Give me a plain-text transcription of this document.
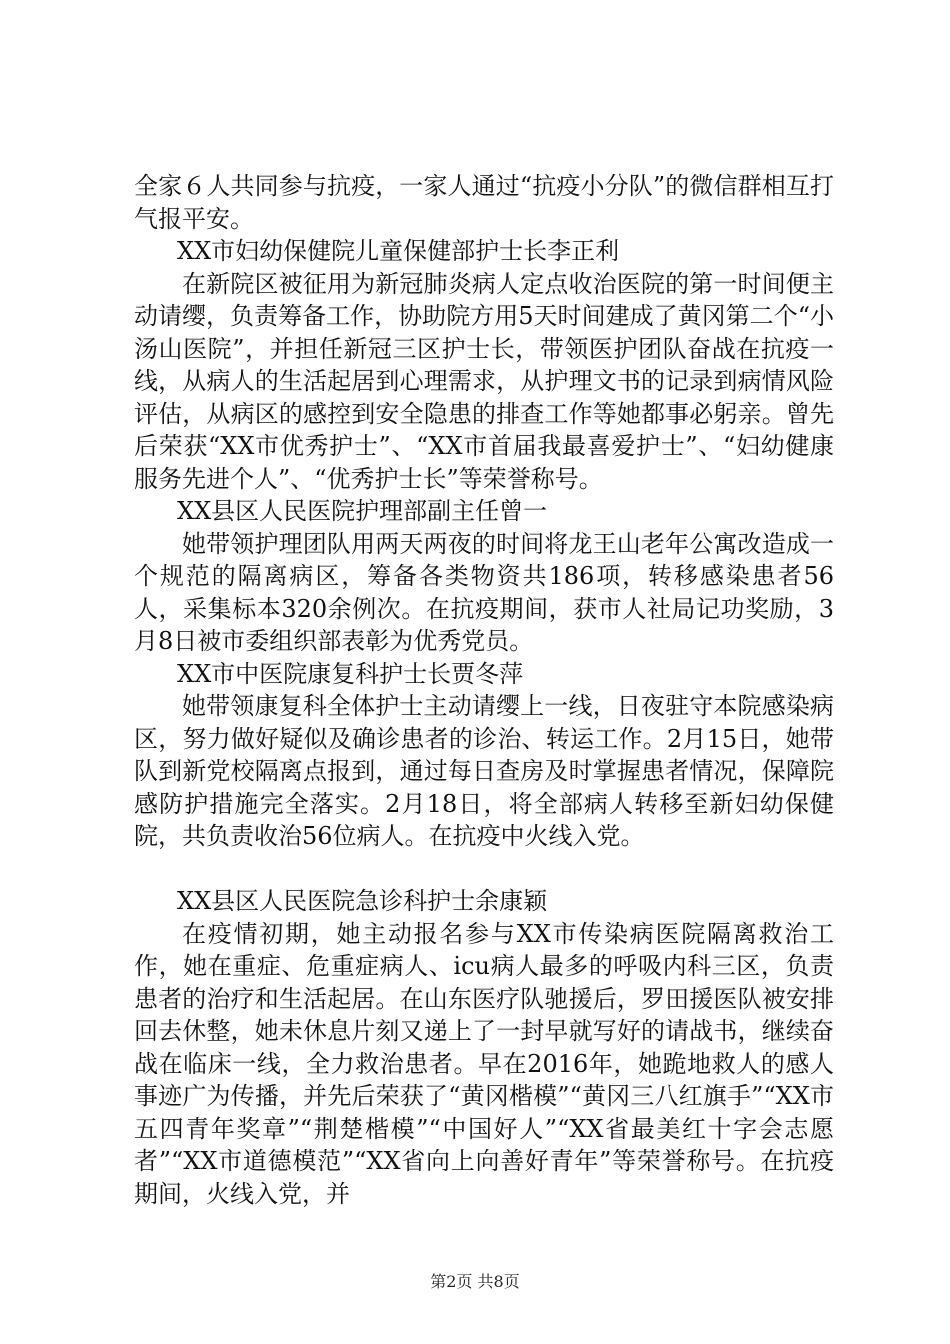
全家６人共同参与抗疫，一家人通过“抗疫小分队”的微信群相互打气报平安。

XX市妇幼保健院儿童保健部护士长李正利

在新院区被征用为新冠肺炎病人定点收治医院的第一时间便主动请缨，负责筹备工作，协助院方用5天时间建成了黄冈第二个“小汤山医院”，并担任新冠三区护士长，带领医护团队奋战在抗疫一线，从病人的生活起居到心理需求，从护理文书的记录到病情风险评估，从病区的感控到安全隐患的排查工作等她都事必躬亲。曾先后荣获“XX市优秀护士”、“XX市首届我最喜爱护士”、“妇幼健康服务先进个人”、“优秀护士长”等荣誉称号。

XX县区人民医院护理部副主任曾一

她带领护理团队用两天两夜的时间将龙王山老年公寓改造成一个规范的隔离病区，筹备各类物资共186项，转移感染患者56人，采集标本320余例次。在抗疫期间，获市人社局记功奖励，3月8日被市委组织部表彰为优秀党员。

XX市中医院康复科护士长贾冬萍

她带领康复科全体护士主动请缨上一线，日夜驻守本院感染病区，努力做好疑似及确诊患者的诊治、转运工作。2月15日，她带队到新党校隔离点报到，通过每日查房及时掌握患者情况，保障院感防护措施完全落实。2月18日，将全部病人转移至新妇幼保健院，共负责收治56位病人。在抗疫中火线入党。

XX县区人民医院急诊科护士余康颖

在疫情初期，她主动报名参与XX市传染病医院隔离救治工作，她在重症、危重症病人、icu病人最多的呼吸内科三区，负责患者的治疗和生活起居。在山东医疗队驰援后，罗田援医队被安排回去休整，她未休息片刻又递上了一封早就写好的请战书，继续奋战在临床一线，全力救治患者。早在2016年，她跪地救人的感人事迹广为传播，并先后荣获了“黄冈楷模”“黄冈三八红旗手”“XX市五四青年奖章”“荆楚楷模”“中国好人”“XX省最美红十字会志愿者”“XX市道德模范”“XX省向上向善好青年”等荣誉称号。在抗疫期间，火线入党，并

第2页 共8页
